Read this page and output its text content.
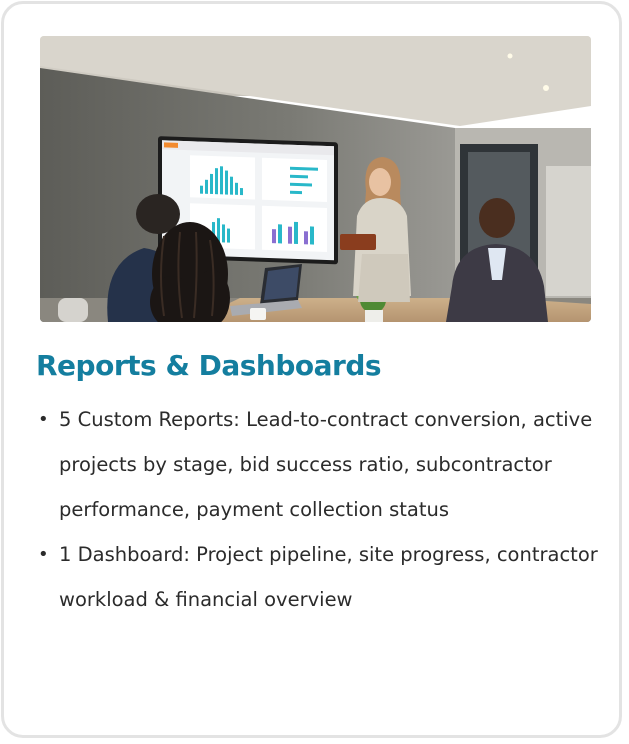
Reports & Dashboards
• 5 Custom Reports: Lead-to-contract conversion, active projects by stage, bid success ratio, subcontractor performance, payment collection status
• 1 Dashboard: Project pipeline, site progress, contractor workload & financial overview
